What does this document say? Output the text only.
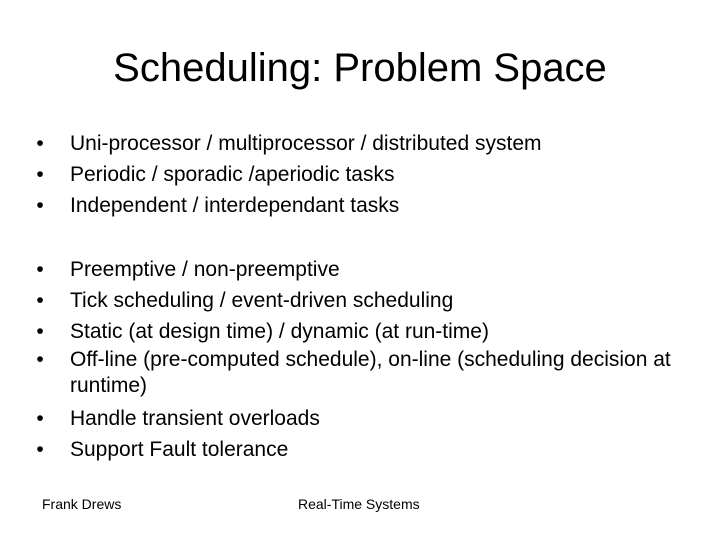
Scheduling: Problem Space
•	Uni-processor / multiprocessor / distributed system
•	Periodic / sporadic /aperiodic tasks
•	Independent / interdependant tasks
•	Preemptive / non-preemptive
•	Tick scheduling / event-driven scheduling
•	Static (at design time) / dynamic (at run-time)
•	Off-line (pre-computed schedule), on-line (scheduling decision at runtime)
•	Handle transient overloads
•	Support Fault tolerance
Frank Drews	Real-Time Systems
